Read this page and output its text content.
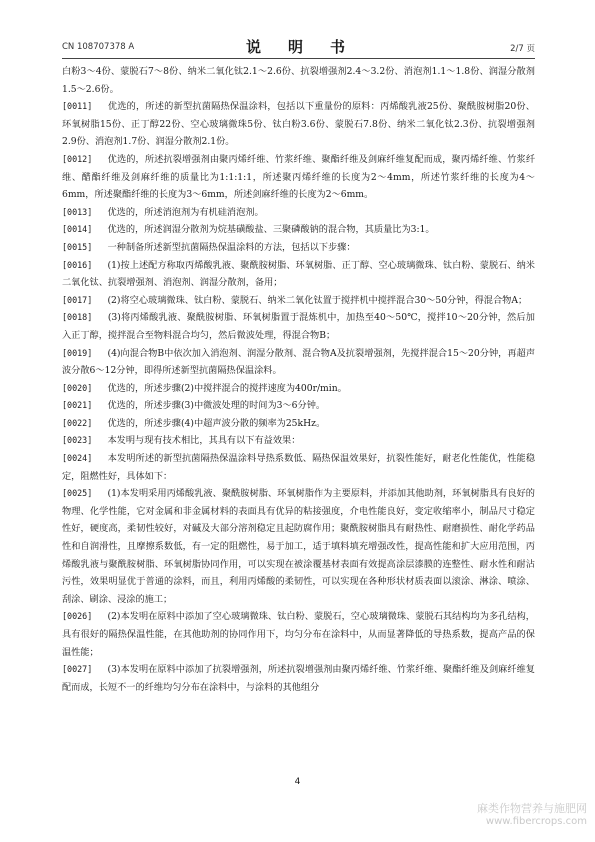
CN 108707378 A	说　明　书	2/7 页

白粉3～4份、蒙脱石7～8份、纳米二氧化钛2.1～2.6份、抗裂增强剂2.4～3.2份、消泡剂1.1～1.8份、润湿分散剂1.5～2.6份。

[0011]　 优选的，所述的新型抗菌隔热保温涂料，包括以下重量份的原料：丙烯酸乳液25份、聚酰胺树脂20份、环氧树脂15份、正丁醇22份、空心玻璃微珠5份、钛白粉3.6份、蒙脱石7.8份、纳米二氧化钛2.3份、抗裂增强剂2.9份、消泡剂1.7份、润湿分散剂2.1份。

[0012]　 优选的，所述抗裂增强剂由聚丙烯纤维、竹浆纤维、聚酯纤维及剑麻纤维复配而成，聚丙烯纤维、竹浆纤维、醋酯纤维及剑麻纤维的质量比为1:1:1:1，所述聚丙烯纤维的长度为2～4mm，所述竹浆纤维的长度为4～6mm，所述聚酯纤维的长度为3～6mm，所述剑麻纤维的长度为2～6mm。

[0013]　 优选的，所述消泡剂为有机硅消泡剂。

[0014]　 优选的，所述润湿分散剂为烷基磺酸盐、三聚磷酸钠的混合物，其质量比为3:1。

[0015]　 一种制备所述新型抗菌隔热保温涂料的方法，包括以下步骤：

[0016]　 (1)按上述配方称取丙烯酸乳液、聚酰胺树脂、环氧树脂、正丁醇、空心玻璃微珠、钛白粉、蒙脱石、纳米二氧化钛、抗裂增强剂、消泡剂、润湿分散剂，备用；

[0017]　 (2)将空心玻璃微珠、钛白粉、蒙脱石、纳米二氧化钛置于搅拌机中搅拌混合30～50分钟，得混合物A；

[0018]　 (3)将丙烯酸乳液、聚酰胺树脂、环氧树脂置于混炼机中，加热至40～50℃，搅拌10～20分钟，然后加入正丁醇，搅拌混合至物料混合均匀，然后微波处理，得混合物B；

[0019]　 (4)向混合物B中依次加入消泡剂、润湿分散剂、混合物A及抗裂增强剂，先搅拌混合15～20分钟，再超声波分散6～12分钟，即得所述新型抗菌隔热保温涂料。

[0020]　 优选的，所述步骤(2)中搅拌混合的搅拌速度为400r/min。

[0021]　 优选的，所述步骤(3)中微波处理的时间为3～6分钟。

[0022]　 优选的，所述步骤(4)中超声波分散的频率为25kHz。

[0023]　 本发明与现有技术相比，其具有以下有益效果：

[0024]　 本发明所述的新型抗菌隔热保温涂料导热系数低、隔热保温效果好，抗裂性能好，耐老化性能优，性能稳定，阻燃性好，具体如下：

[0025]　 (1)本发明采用丙烯酸乳液、聚酰胺树脂、环氧树脂作为主要原料，并添加其他助剂，环氧树脂具有良好的物理、化学性能，它对金属和非金属材料的表面具有优异的粘接强度，介电性能良好，变定收缩率小，制品尺寸稳定性好，硬度高，柔韧性较好，对碱及大部分溶剂稳定且起防腐作用；聚酰胺树脂具有耐热性、耐磨损性、耐化学药品性和自润滑性，且摩擦系数低，有一定的阻燃性，易于加工，适于填料填充增强改性，提高性能和扩大应用范围，丙烯酸乳液与聚酰胺树脂、环氧树脂协同作用，可以实现在被涂覆基材表面有效提高涂层漆膜的连整性、耐水性和耐沾污性，效果明显优于普通的涂料，而且，利用丙烯酸的柔韧性，可以实现在各种形状材质表面以滚涂、淋涂、喷涂、刮涂、刷涂、浸涂的施工；

[0026]　 (2)本发明在原料中添加了空心玻璃微珠、钛白粉、蒙脱石，空心玻璃微珠、蒙脱石其结构均为多孔结构，具有很好的隔热保温性能，在其他助剂的协同作用下，均匀分布在涂料中，从而显著降低的导热系数，提高产品的保温性能；

[0027]　 (3)本发明在原料中添加了抗裂增强剂，所述抗裂增强剂由聚丙烯纤维、竹浆纤维、聚酯纤维及剑麻纤维复配而成，长短不一的纤维均匀分布在涂料中，与涂料的其他组分

4
麻类作物营养与施肥网
www.fibercrops.com
